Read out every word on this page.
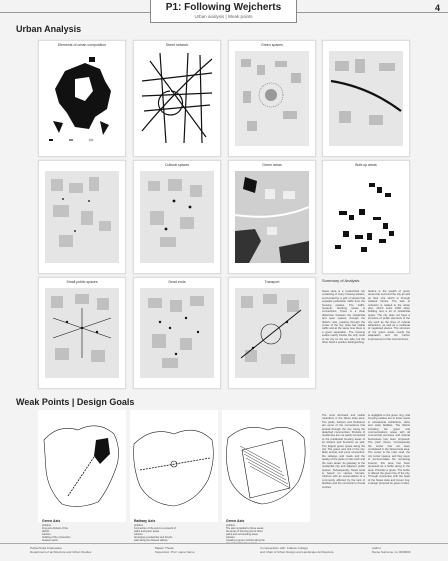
P1: Following Wejcherts
Urban analysis | Weak points
4
Urban Analysis
Elements of urban composition	Street network	Green spaces
Cultural spaces	Green areas	Built-up areas
Small public spaces	Dead ends	Transport	Summary of Analysis
Nowa Huta is a modernized city consisting of many housing estates, surrounded by a grid of streets that separate pedestrian traffic from the housing estates. The traffic, however, blocking routes to connections. There is a clear distinction between the residential and open spaces, through the historic axis, passing through the center of the city. Huta has visible traffic and at the same time there is a good separation. The housing estate mainly blocks the only route to the city on the one side, but the other hand a positive distinguishing
feature is the wealth of green areas that surround the city as well as their size which is through isolated blocks. The lack of cohesion is related to the urban plan, which omits 1960 when building and a lot of residential space. The city does not have a structure of public elements of the city such as the lines of cultural attractions, as well as a multitude of neglected places. The structure of the green areas needs the adaptation and the further improvement of the new functions.
Weak Points | Design Goals
Green Axis
problem
long axis division of the
district
solution
building of the connection
between parts
Railway Axis
problem
Connection of the axis to a network of
paths and green areas
solution
Arranging a pedestrian and bicycle
path along the disused railway
Green Axis
problem
The axis is parallel to these areas:
the areas of housing and of other
parks and surrounding areas
solution
Creating a green corridor along the

The most dominant and visible meanders in the Nowa Huta area. The parks, barriers and hindrance are some of the connections that spread through the city, being the detached communities. Pockets of residences are not easily connected to the residential housing areas of its citizens and functions as well. The largest green space along the city. The green axis link of the city. Main access and point connection: the railways and roads and the quality of the parks on the north and the main areas. Its gateway to the residential city and adjacent public spaces. Subsequently, Nowa Huta is based on various formats. Citizens with an accumulation of a community affected by the lack of facilities and the connection of local centres.
is negligible to the green ring, vital housing estates are to lower areas in educational institutions, clubs and retail facilities. The district including the green and communications areas with all commercial premises and cultural businesses has been proposed. The 'park' theme. Consequently the center has not been considered in the Nowa Huta area. The center is the main road, the city center spaces, and they seem to accommodate the remaining interest, this area has been proposed as a buffer along in the area. Provides a green. The buffer is offered the green line of the city. Through connection with the heart of the Nowa Huta and Green ring, a design proposal for green routes.
Politechnika Krakowska
Department of architecture and Urban Studies
Master Thesis
Supervisor: Prof. name Name
In cooperation with: Krakow College
and Chair of Urban Design and Landscape Architecture
Author
Name Surname, no 0000000
